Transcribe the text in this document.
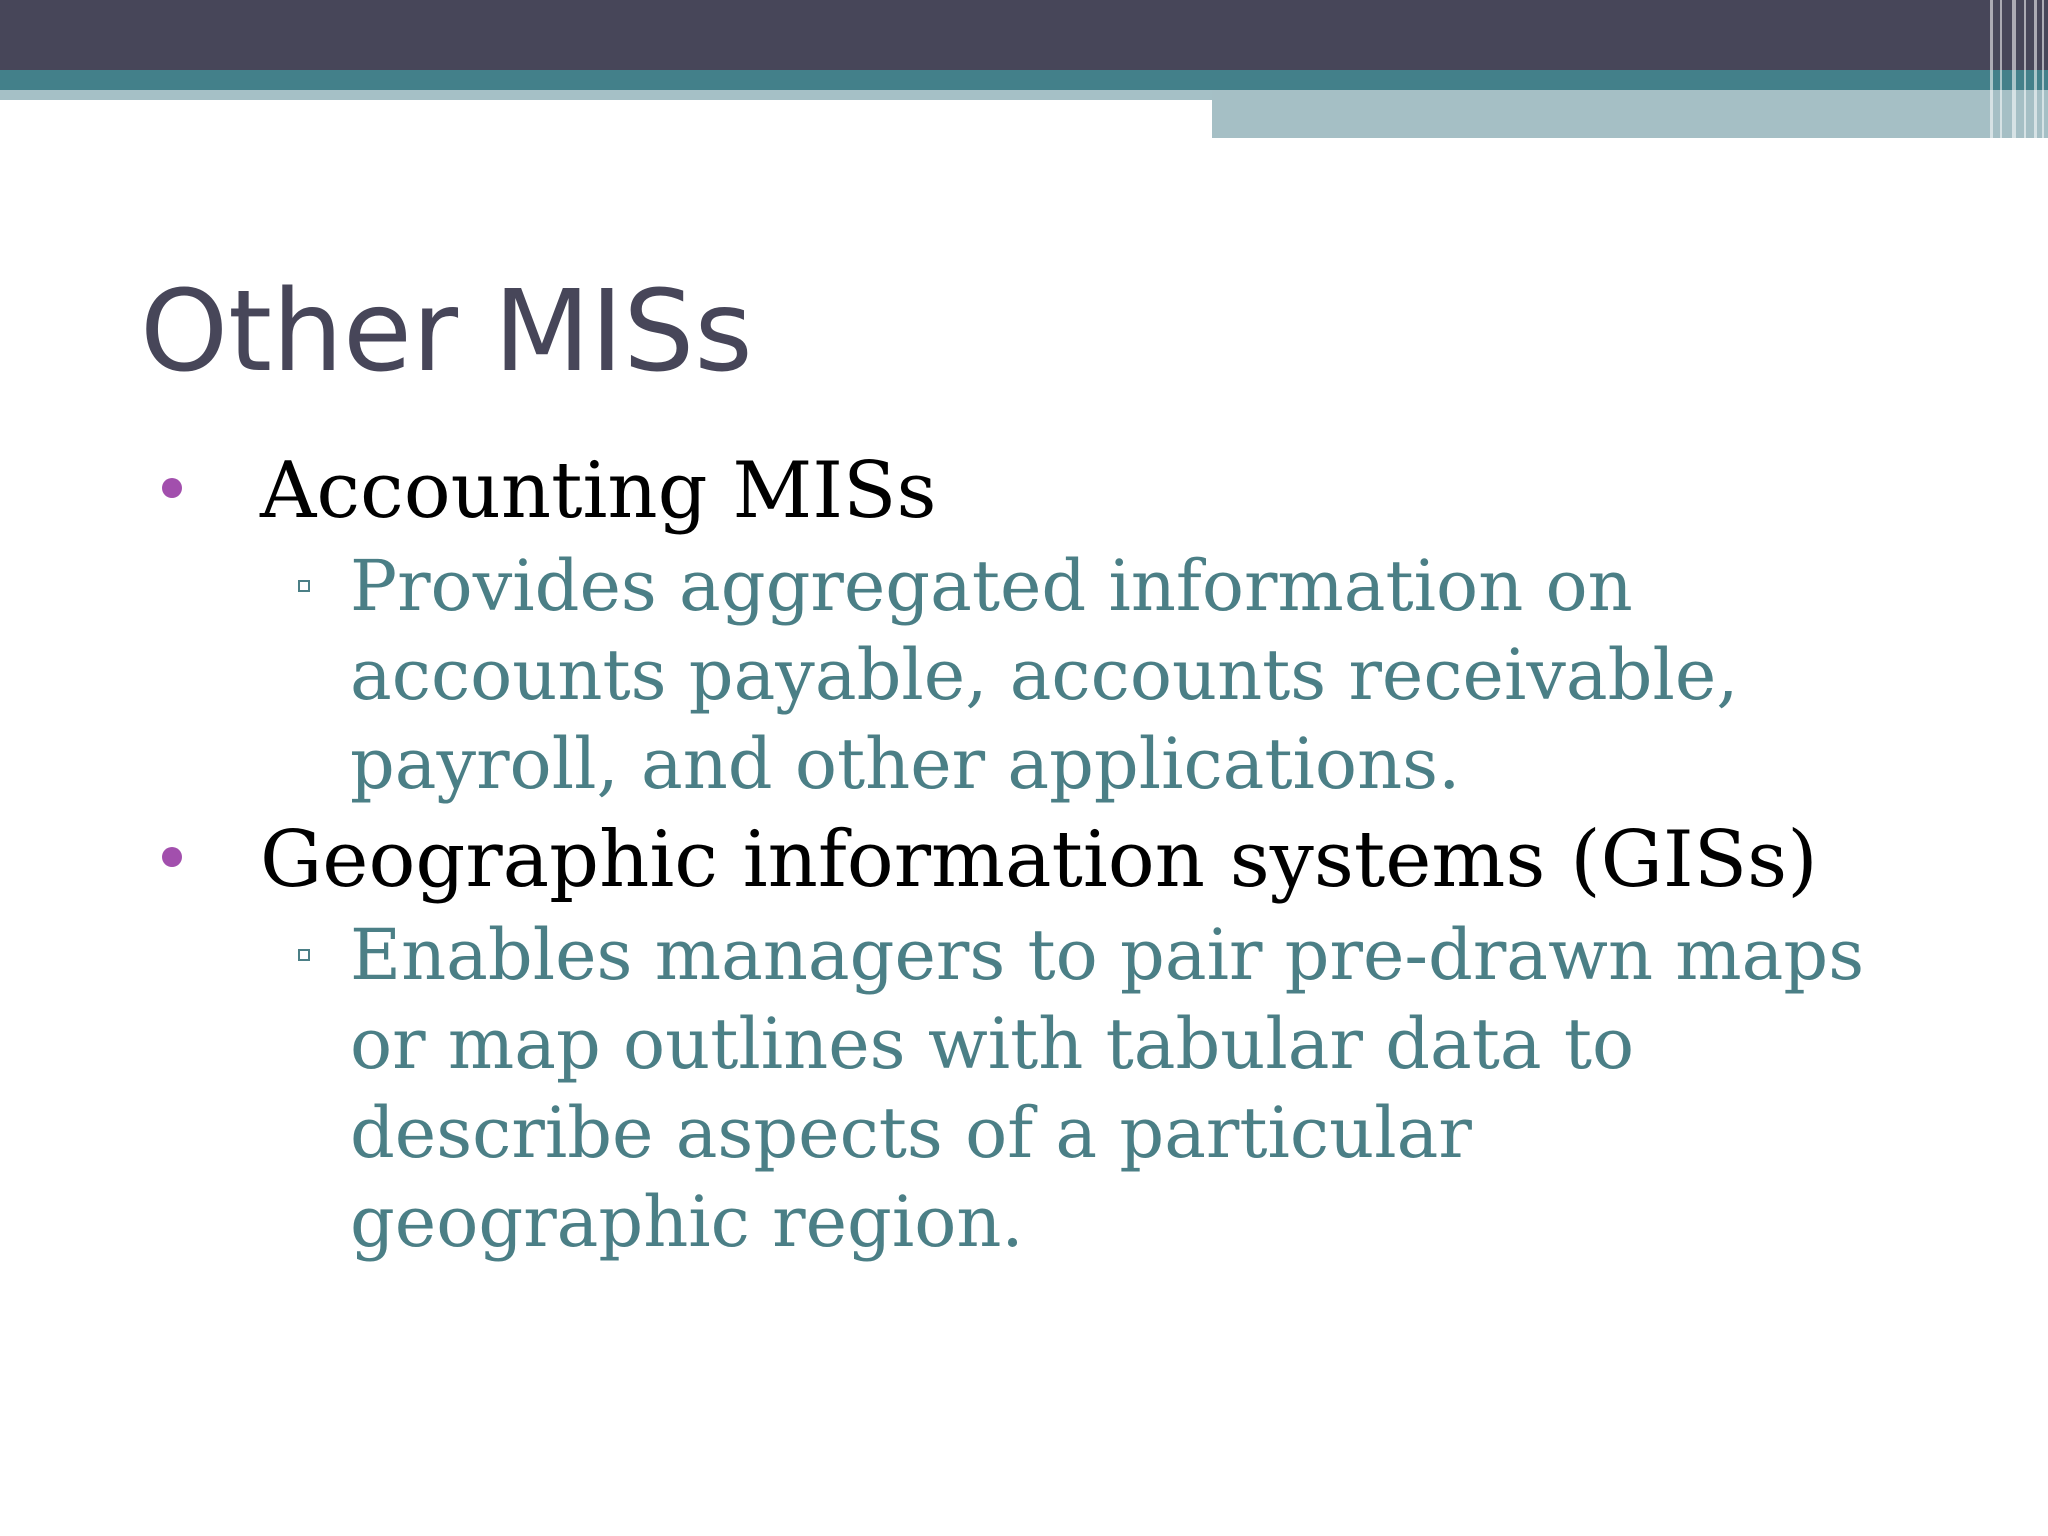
Other MISs
Accounting MISs
Provides aggregated information on accounts payable, accounts receivable, payroll, and other applications.
Geographic information systems (GISs)
Enables managers to pair pre-drawn maps or map outlines with tabular data to describe aspects of a particular geographic region.
